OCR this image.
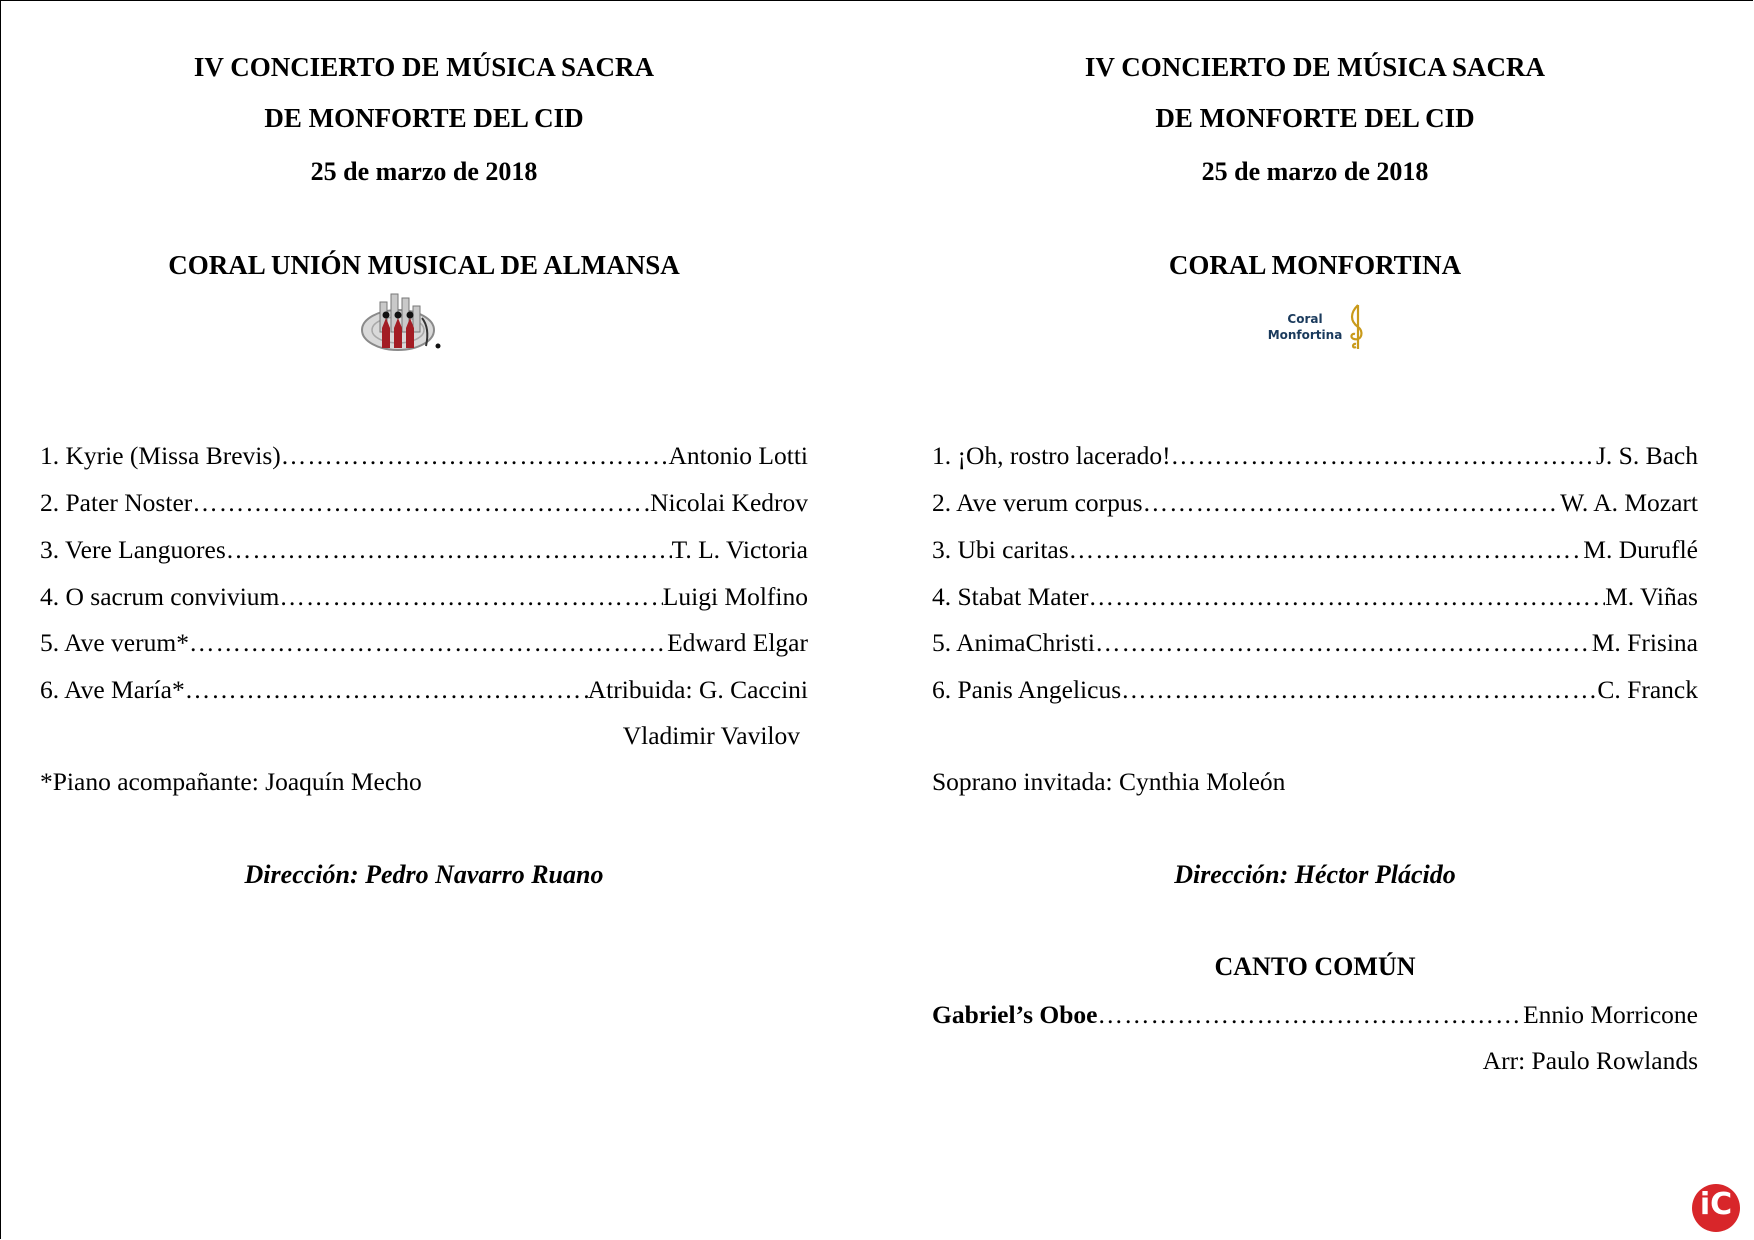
IV CONCIERTO DE MÚSICA SACRA
DE MONFORTE DEL CID
25 de marzo de 2018
CORAL UNIÓN MUSICAL DE ALMANSA
1. Kyrie (Missa Brevis) ………………………………………………………………………………………………………………………………………………	Antonio Lotti
2. Pater Noster ………………………………………………………………………………………………………………………………………………	Nicolai Kedrov
3. Vere Languores ………………………………………………………………………………………………………………………………………………	T. L. Victoria
4. O sacrum convivium ………………………………………………………………………………………………………………………………………………	Luigi Molfino
5. Ave verum* ………………………………………………………………………………………………………………………………………………	Edward Elgar
6. Ave María* ………………………………………………………………………………………………………………………………………………	Atribuida: G. Caccini
Vladimir Vavilov
*Piano acompañante: Joaquín Mecho
Dirección: Pedro Navarro Ruano
IV CONCIERTO DE MÚSICA SACRA
DE MONFORTE DEL CID
25 de marzo de 2018
CORAL MONFORTINA
Coral
Monfortina
1. ¡Oh, rostro lacerado! ………………………………………………………………………………………………………………………………………………	J. S. Bach
2. Ave verum corpus ………………………………………………………………………………………………………………………………………………	W. A. Mozart
3. Ubi caritas ………………………………………………………………………………………………………………………………………………	M. Duruflé
4. Stabat Mater ………………………………………………………………………………………………………………………………………………	M. Viñas
5. AnimaChristi ………………………………………………………………………………………………………………………………………………	M. Frisina
6. Panis Angelicus ………………………………………………………………………………………………………………………………………………	C. Franck
Soprano invitada: Cynthia Moleón
Dirección: Héctor Plácido
CANTO COMÚN
Gabriel’s Oboe ………………………………………………………………………………………………………………………………………………	Ennio Morricone
Arr: Paulo Rowlands
iC
